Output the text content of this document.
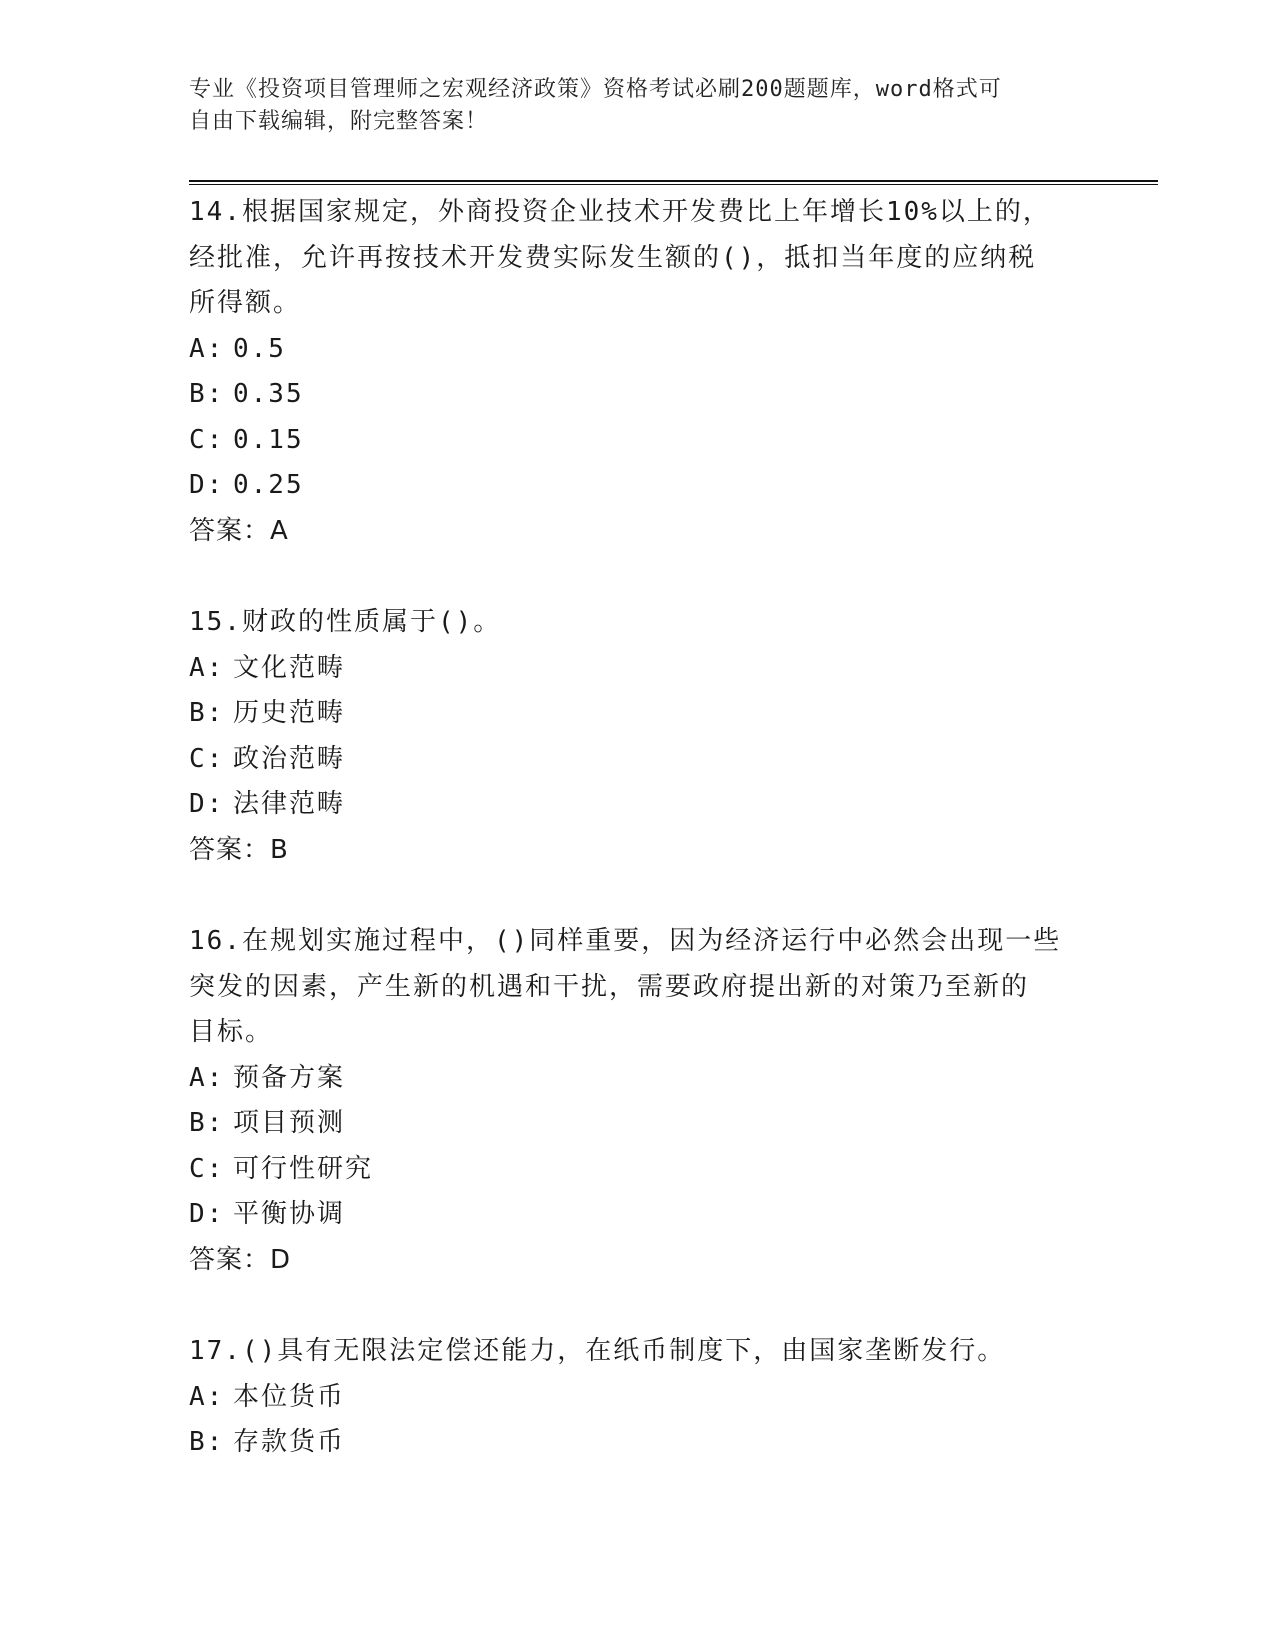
专业《投资项目管理师之宏观经济政策》资格考试必刷200题题库，word格式可
自由下载编辑，附完整答案！
14.根据国家规定，外商投资企业技术开发费比上年增长10%以上的，
经批准，允许再按技术开发费实际发生额的()，抵扣当年度的应纳税
所得额。
A: 0.5
B: 0.35
C: 0.15
D: 0.25
答案：A
15.财政的性质属于()。
A: 文化范畴
B: 历史范畴
C: 政治范畴
D: 法律范畴
答案：B
16.在规划实施过程中，()同样重要，因为经济运行中必然会出现一些
突发的因素，产生新的机遇和干扰，需要政府提出新的对策乃至新的
目标。
A: 预备方案
B: 项目预测
C: 可行性研究
D: 平衡协调
答案：D
17.()具有无限法定偿还能力，在纸币制度下，由国家垄断发行。
A: 本位货币
B: 存款货币
